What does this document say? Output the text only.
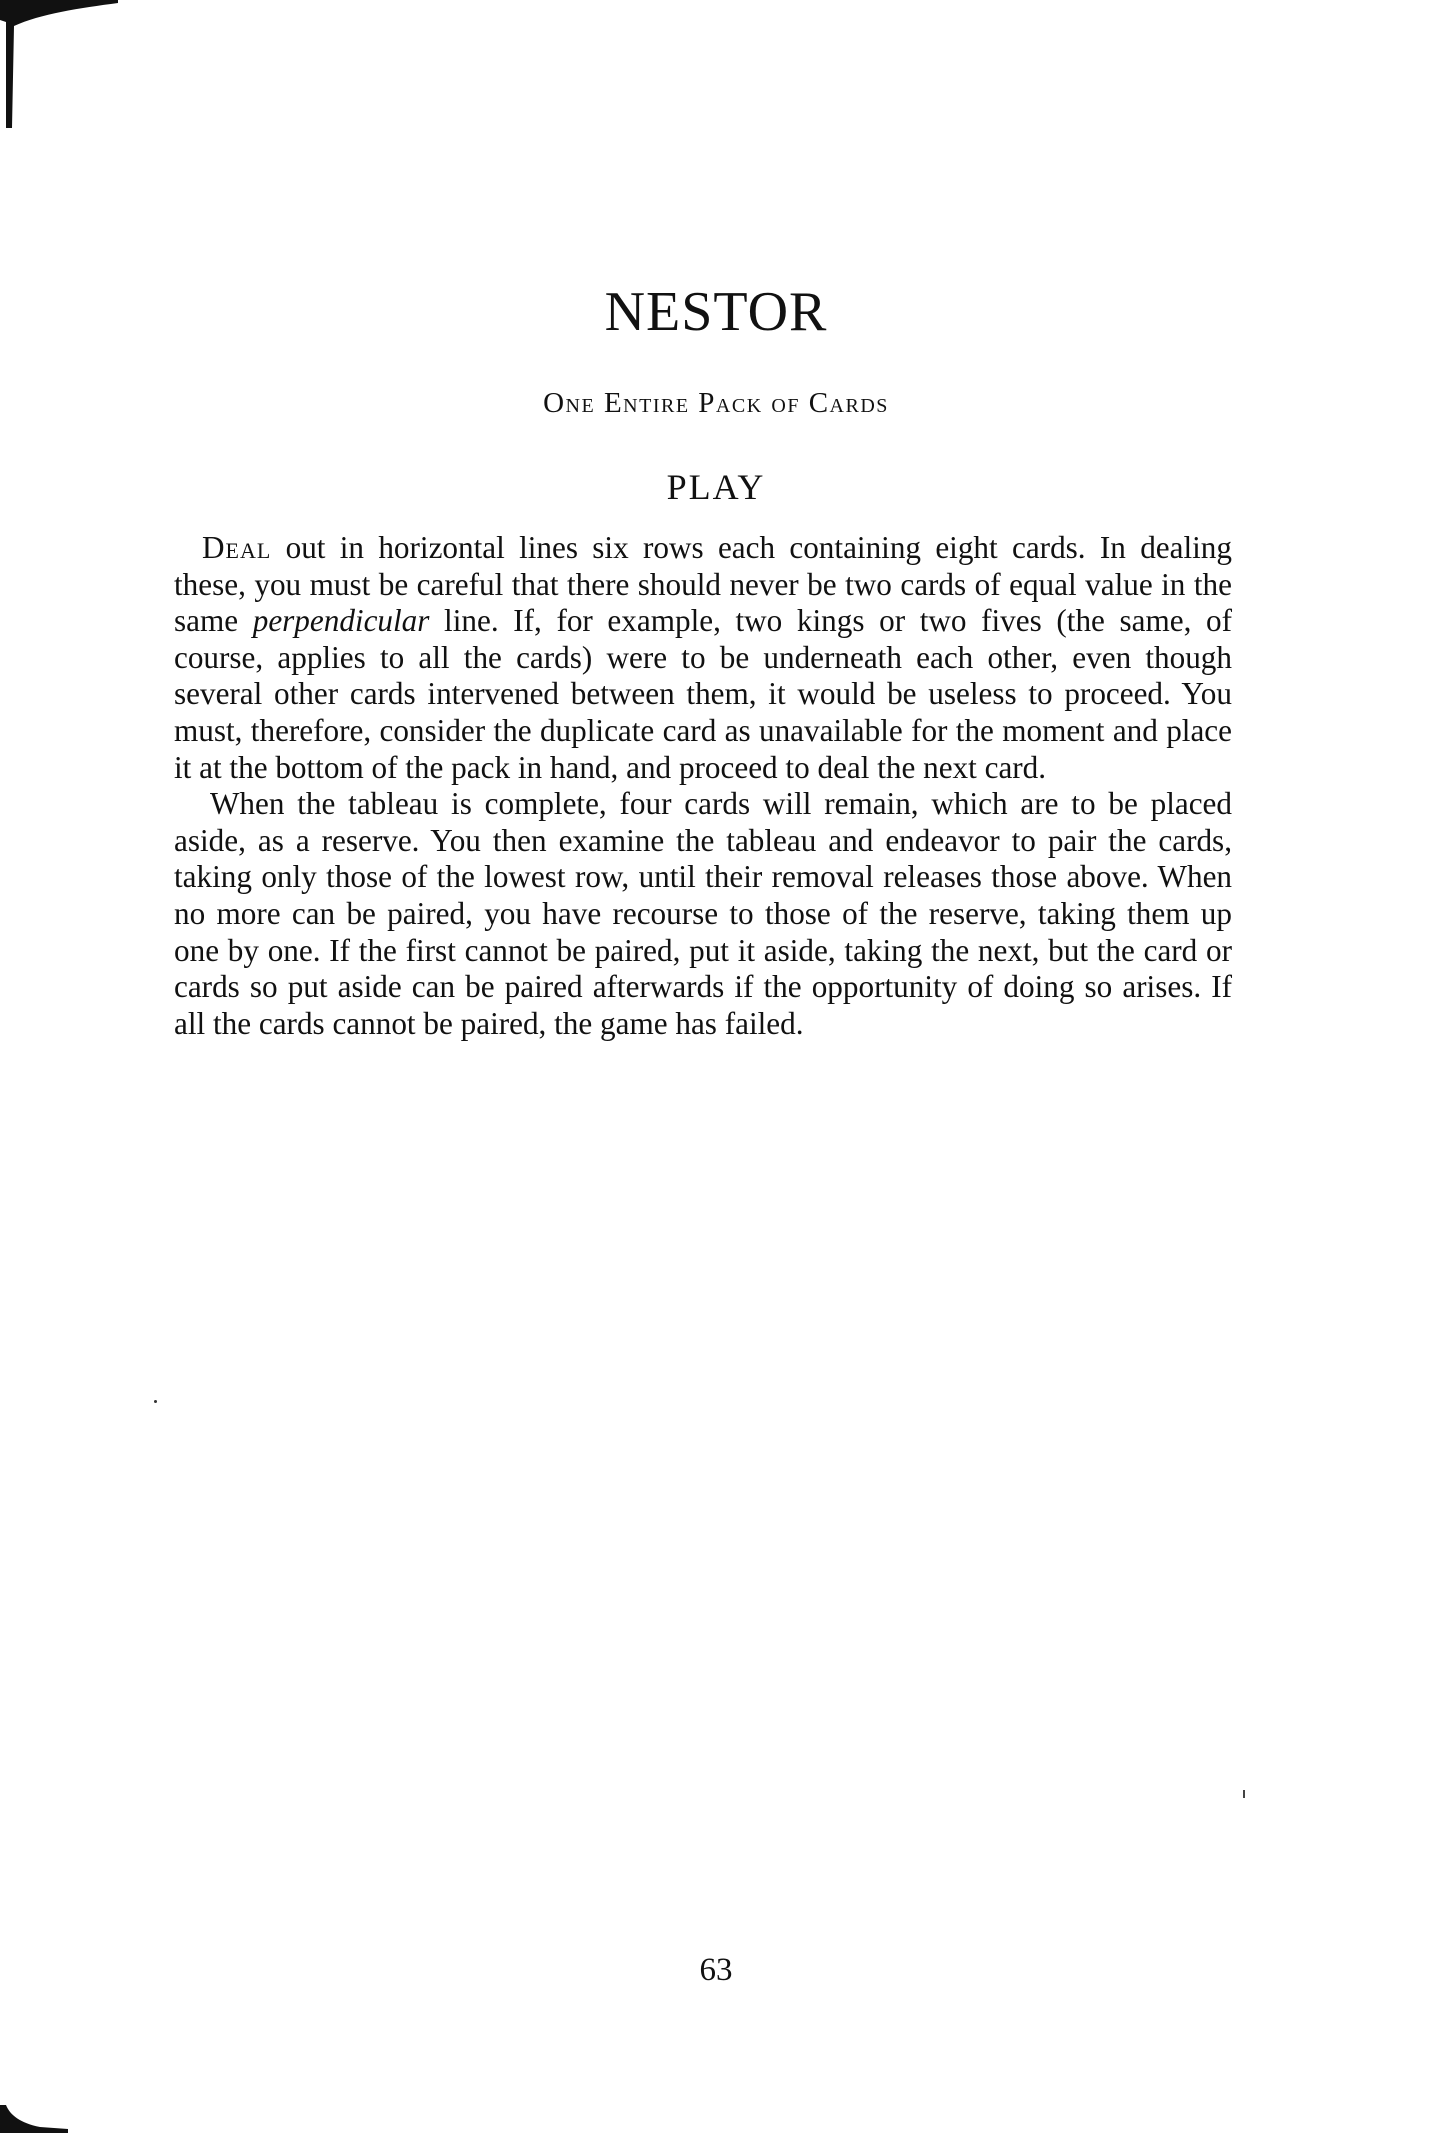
NESTOR
One Entire Pack of Cards
PLAY

Deal out in horizontal lines six rows each containing eight cards. In dealing these, you must be careful that there should never be two cards of equal value in the same perpendicular line. If, for example, two kings or two fives (the same, of course, applies to all the cards) were to be underneath each other, even though several other cards intervened between them, it would be useless to proceed. You must, therefore, consider the duplicate card as unavailable for the moment and place it at the bottom of the pack in hand, and proceed to deal the next card.

When the tableau is complete, four cards will remain, which are to be placed aside, as a reserve. You then examine the tableau and endeavor to pair the cards, taking only those of the lowest row, until their removal releases those above. When no more can be paired, you have recourse to those of the reserve, taking them up one by one. If the first cannot be paired, put it aside, taking the next, but the card or cards so put aside can be paired afterwards if the opportunity of doing so arises. If all the cards cannot be paired, the game has failed.

63
